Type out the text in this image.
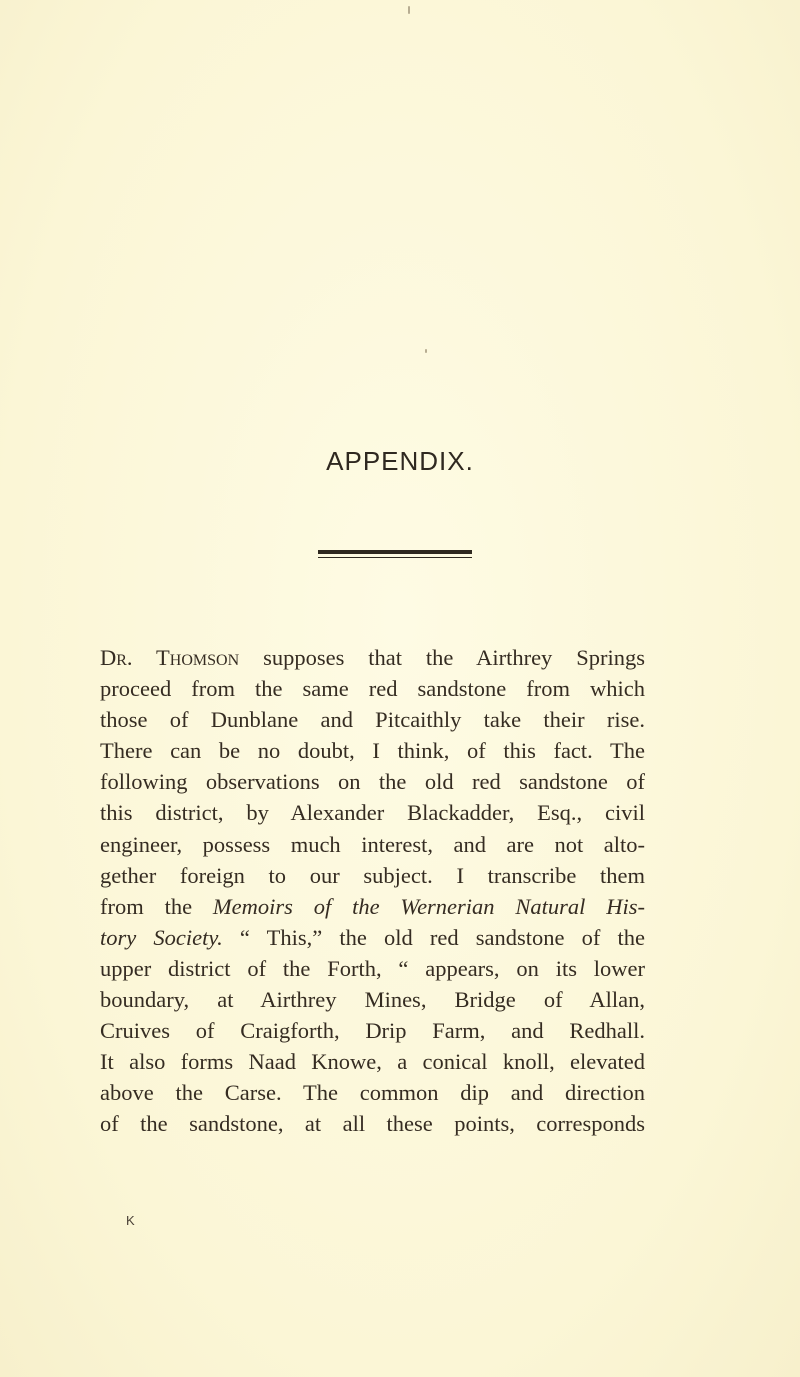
APPENDIX.
Dr. Thomson supposes that the Airthrey Springs
proceed from the same red sandstone from which
those of Dunblane and Pitcaithly take their rise.
There can be no doubt, I think, of this fact. The
following observations on the old red sandstone of
this district, by Alexander Blackadder, Esq., civil
engineer, possess much interest, and are not alto-
gether foreign to our subject. I transcribe them
from the Memoirs of the Wernerian Natural His-
tory Society. “ This,” the old red sandstone of the
upper district of the Forth, “ appears, on its lower
boundary, at Airthrey Mines, Bridge of Allan,
Cruives of Craigforth, Drip Farm, and Redhall.
It also forms Naad Knowe, a conical knoll, elevated
above the Carse. The common dip and direction
of the sandstone, at all these points, corresponds
K
